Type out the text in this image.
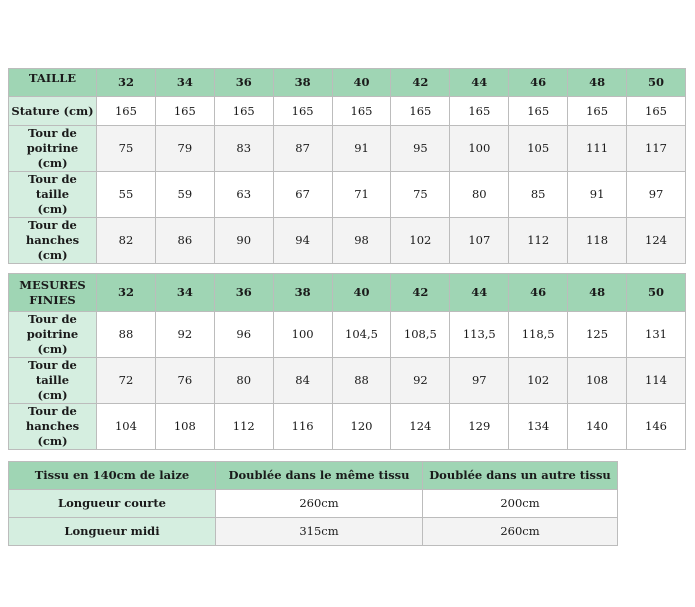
TAILLE	32	34	36	38	40	42	44	46	48	50
Stature (cm)	165	165	165	165	165	165	165	165	165	165
Tour de
poitrine (cm)	75	79	83	87	91	95	100	105	111	117
Tour de taille
(cm)	55	59	63	67	71	75	80	85	91	97
Tour de
hanches (cm)	82	86	90	94	98	102	107	112	118	124
MESURES
FINIES	32	34	36	38	40	42	44	46	48	50
Tour de
poitrine (cm)	88	92	96	100	104,5	108,5	113,5	118,5	125	131
Tour de taille
(cm)	72	76	80	84	88	92	97	102	108	114
Tour de
hanches (cm)	104	108	112	116	120	124	129	134	140	146
Tissu en 140cm de laize	Doublée dans le même tissu	Doublée dans un autre tissu
Longueur courte	260cm	200cm
Longueur midi	315cm	260cm
